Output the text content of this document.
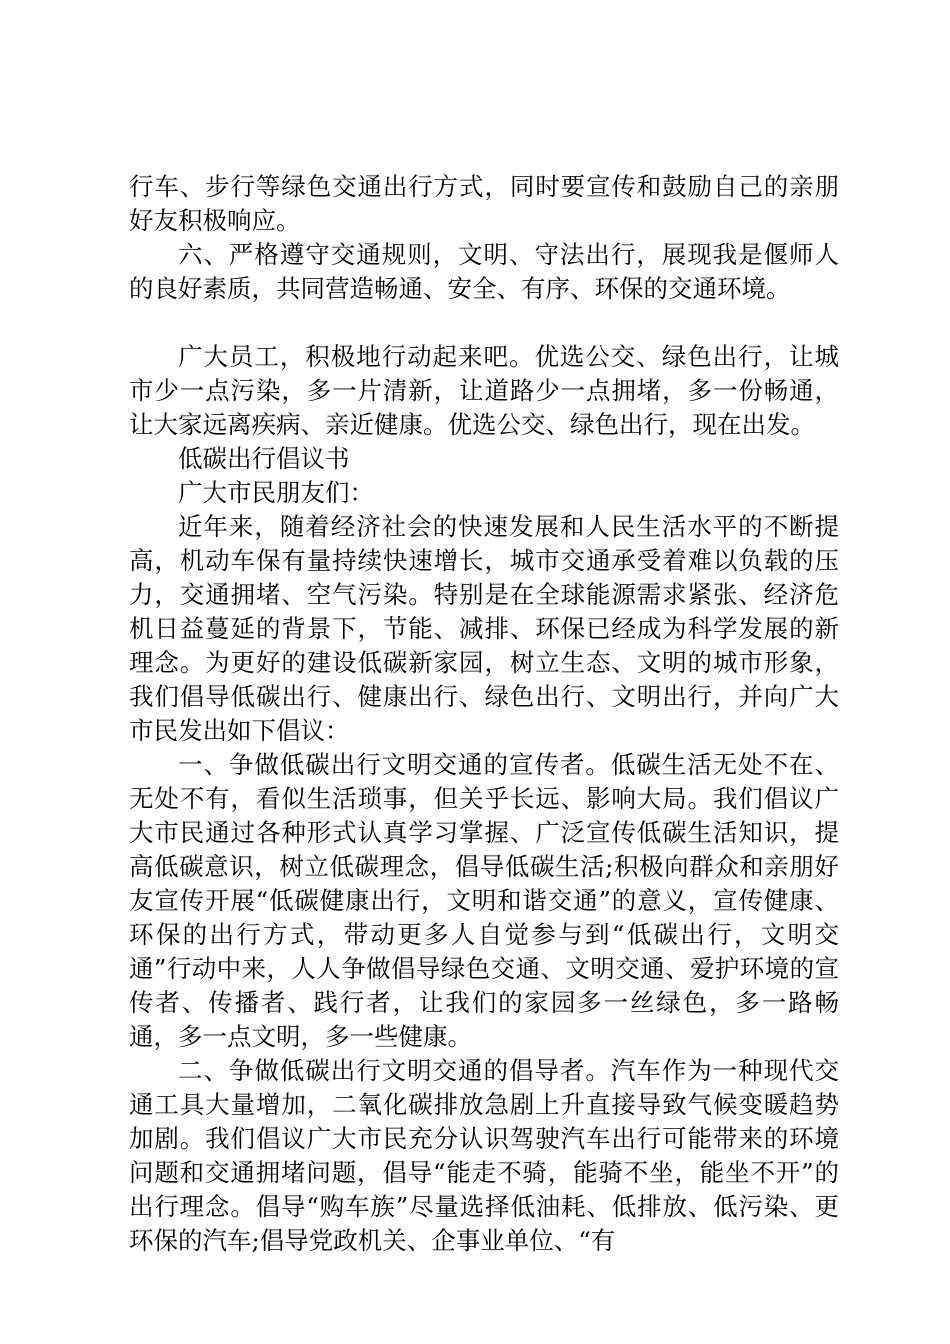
行车、步行等绿色交通出行方式，同时要宣传和鼓励自己的亲朋好友积极响应。

六、严格遵守交通规则，文明、守法出行，展现我是偃师人的良好素质，共同营造畅通、安全、有序、环保的交通环境。

广大员工，积极地行动起来吧。优选公交、绿色出行，让城市少一点污染，多一片清新，让道路少一点拥堵，多一份畅通，让大家远离疾病、亲近健康。优选公交、绿色出行，现在出发。

低碳出行倡议书

广大市民朋友们：

近年来，随着经济社会的快速发展和人民生活水平的不断提高，机动车保有量持续快速增长，城市交通承受着难以负载的压力，交通拥堵、空气污染。特别是在全球能源需求紧张、经济危机日益蔓延的背景下，节能、减排、环保已经成为科学发展的新理念。为更好的建设低碳新家园，树立生态、文明的城市形象，我们倡导低碳出行、健康出行、绿色出行、文明出行，并向广大市民发出如下倡议：

一、争做低碳出行文明交通的宣传者。低碳生活无处不在、无处不有，看似生活琐事，但关乎长远、影响大局。我们倡议广大市民通过各种形式认真学习掌握、广泛宣传低碳生活知识，提高低碳意识，树立低碳理念，倡导低碳生活;积极向群众和亲朋好友宣传开展“低碳健康出行，文明和谐交通”的意义，宣传健康、环保的出行方式，带动更多人自觉参与到“低碳出行，文明交通”行动中来，人人争做倡导绿色交通、文明交通、爱护环境的宣传者、传播者、践行者，让我们的家园多一丝绿色，多一路畅通，多一点文明，多一些健康。

二、争做低碳出行文明交通的倡导者。汽车作为一种现代交通工具大量增加，二氧化碳排放急剧上升直接导致气候变暖趋势加剧。我们倡议广大市民充分认识驾驶汽车出行可能带来的环境问题和交通拥堵问题，倡导“能走不骑，能骑不坐，能坐不开”的出行理念。倡导“购车族”尽量选择低油耗、低排放、低污染、更环保的汽车;倡导党政机关、企事业单位、“有
